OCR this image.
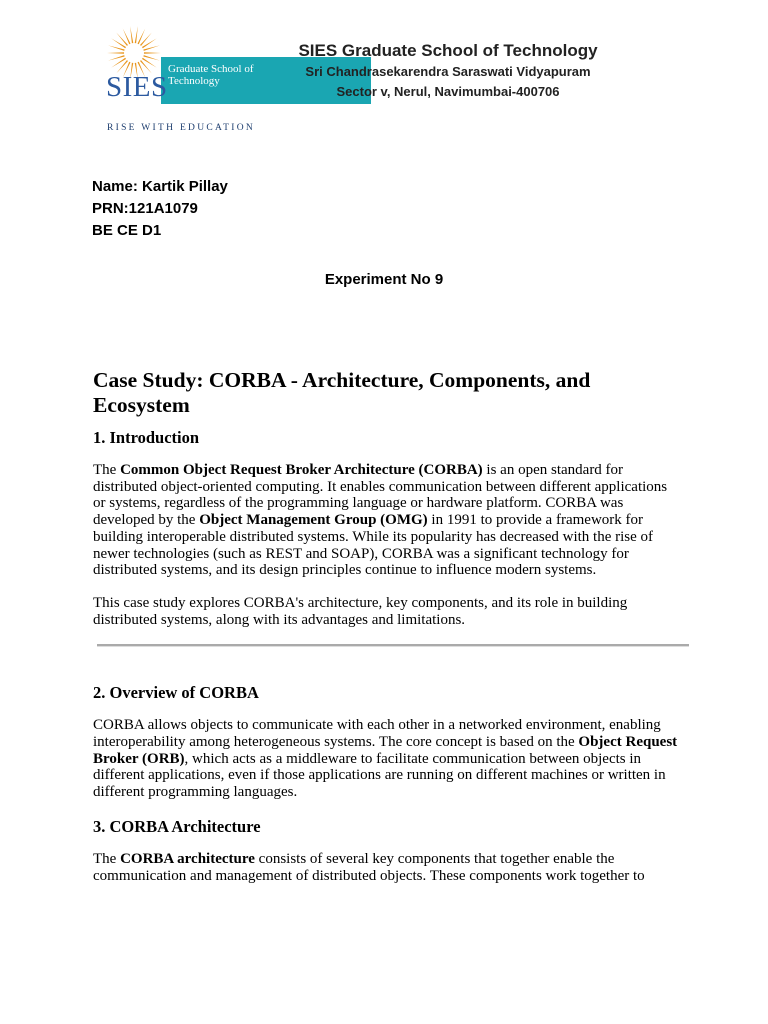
Graduate School of
Technology
SIES
RISE WITH EDUCATION
SIES Graduate School of Technology
Sri Chandrasekarendra Saraswati Vidyapuram
Sector v, Nerul, Navimumbai-400706
Name: Kartik Pillay
PRN:121A1079
BE CE D1
Experiment No 9
Case Study: CORBA - Architecture, Components, and Ecosystem
1. Introduction

The Common Object Request Broker Architecture (CORBA) is an open standard for distributed object-oriented computing. It enables communication between different applications or systems, regardless of the programming language or hardware platform. CORBA was developed by the Object Management Group (OMG) in 1991 to provide a framework for building interoperable distributed systems. While its popularity has decreased with the rise of newer technologies (such as REST and SOAP), CORBA was a significant technology for distributed systems, and its design principles continue to influence modern systems.

This case study explores CORBA's architecture, key components, and its role in building distributed systems, along with its advantages and limitations.

2. Overview of CORBA

CORBA allows objects to communicate with each other in a networked environment, enabling interoperability among heterogeneous systems. The core concept is based on the Object Request Broker (ORB), which acts as a middleware to facilitate communication between objects in different applications, even if those applications are running on different machines or written in different programming languages.

3. CORBA Architecture

The CORBA architecture consists of several key components that together enable the communication and management of distributed objects. These components work together to
